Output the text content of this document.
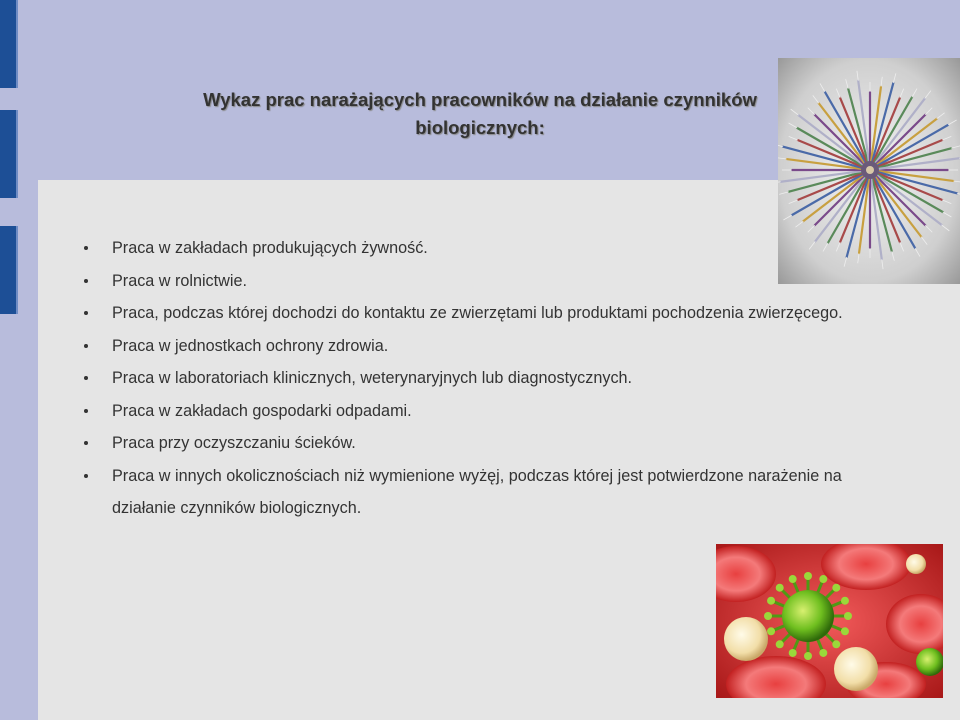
Wykaz prac narażających pracowników na działanie czynników
biologicznych:
Praca w zakładach produkujących żywność.
Praca w rolnictwie.
Praca, podczas której dochodzi do kontaktu ze zwierzętami lub produktami pochodzenia zwierzęcego.
Praca w jednostkach ochrony zdrowia.
Praca w laboratoriach klinicznych, weterynaryjnych lub diagnostycznych.
Praca w zakładach gospodarki odpadami.
Praca przy oczyszczaniu ścieków.
Praca w innych okolicznościach niż wymienione wyżęj, podczas której jest potwierdzone narażenie na działanie czynników biologicznych.
